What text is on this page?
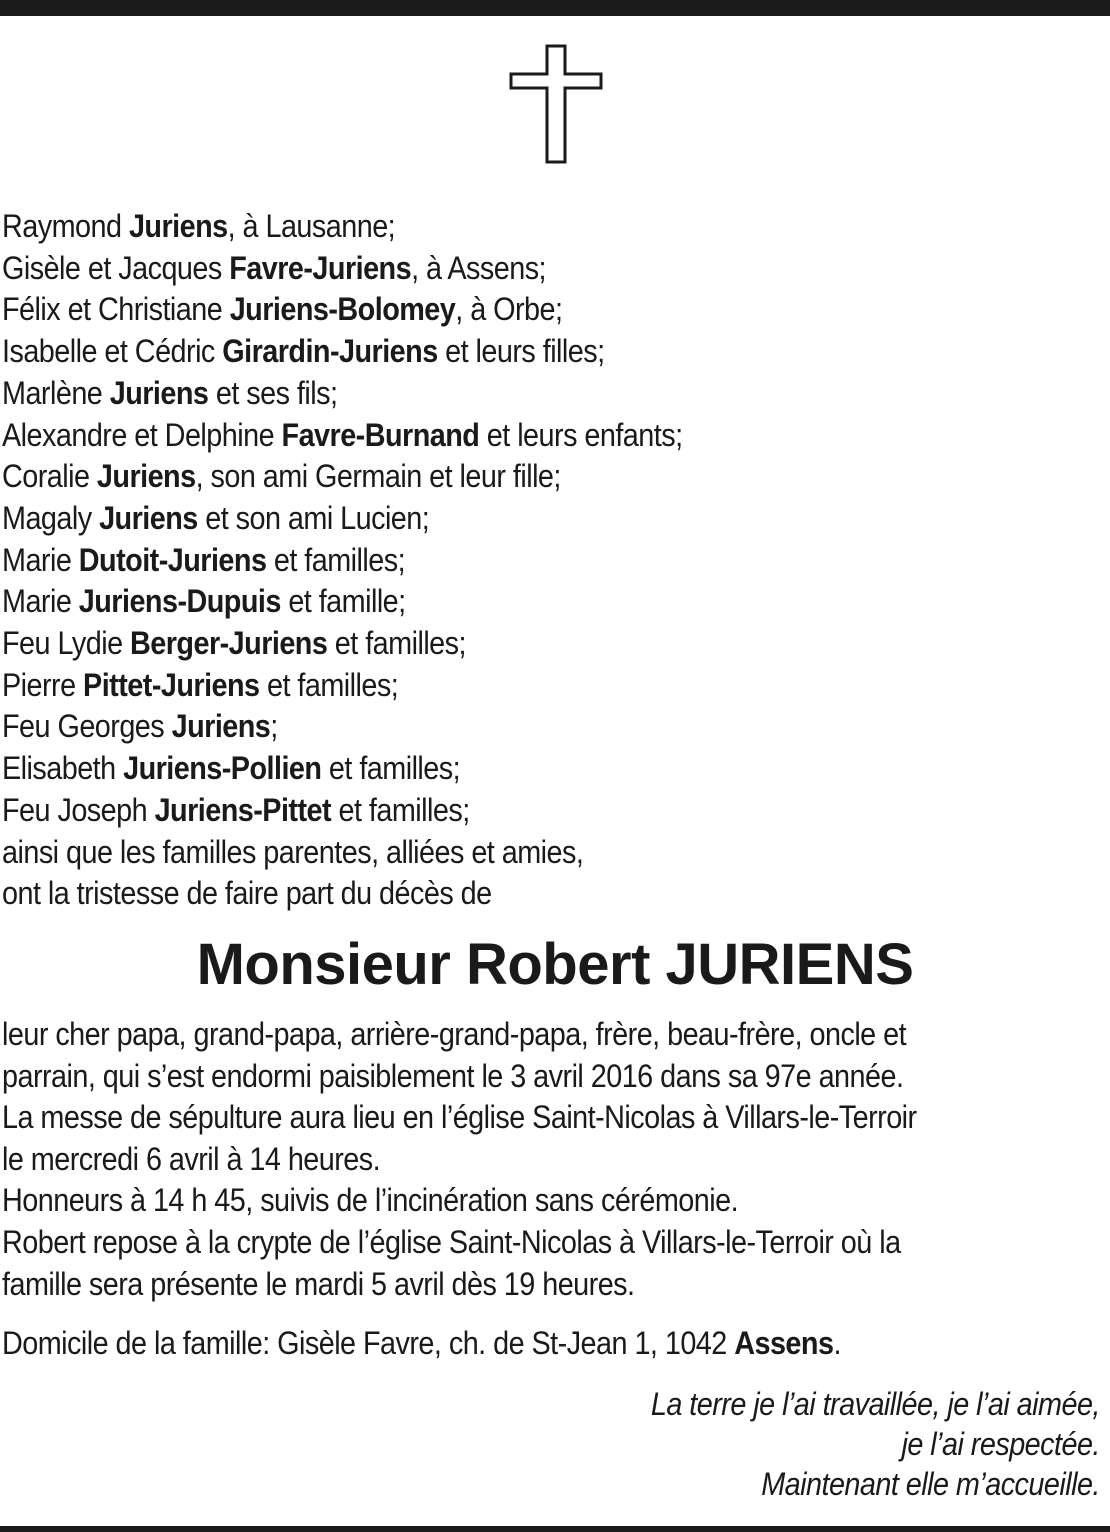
Raymond Juriens, à Lausanne;
Gisèle et Jacques Favre-Juriens, à Assens;
Félix et Christiane Juriens-Bolomey, à Orbe;
Isabelle et Cédric Girardin-Juriens et leurs filles;
Marlène Juriens et ses fils;
Alexandre et Delphine Favre-Burnand et leurs enfants;
Coralie Juriens, son ami Germain et leur fille;
Magaly Juriens et son ami Lucien;
Marie Dutoit-Juriens et familles;
Marie Juriens-Dupuis et famille;
Feu Lydie Berger-Juriens et familles;
Pierre Pittet-Juriens et familles;
Feu Georges Juriens;
Elisabeth Juriens-Pollien et familles;
Feu Joseph Juriens-Pittet et familles;
ainsi que les familles parentes, alliées et amies,
ont la tristesse de faire part du décès de
Monsieur Robert JURIENS
leur cher papa, grand-papa, arrière-grand-papa, frère, beau-frère, oncle et
parrain, qui s’est endormi paisiblement le 3 avril 2016 dans sa 97e année.
La messe de sépulture aura lieu en l’église Saint-Nicolas à Villars-le-Terroir
le mercredi 6 avril à 14 heures.
Honneurs à 14 h 45, suivis de l’incinération sans cérémonie.
Robert repose à la crypte de l’église Saint-Nicolas à Villars-le-Terroir où la
famille sera présente le mardi 5 avril dès 19 heures.
Domicile de la famille: Gisèle Favre, ch. de St-Jean 1, 1042 Assens.
La terre je l’ai travaillée, je l’ai aimée,
je l’ai respectée.
Maintenant elle m’accueille.
